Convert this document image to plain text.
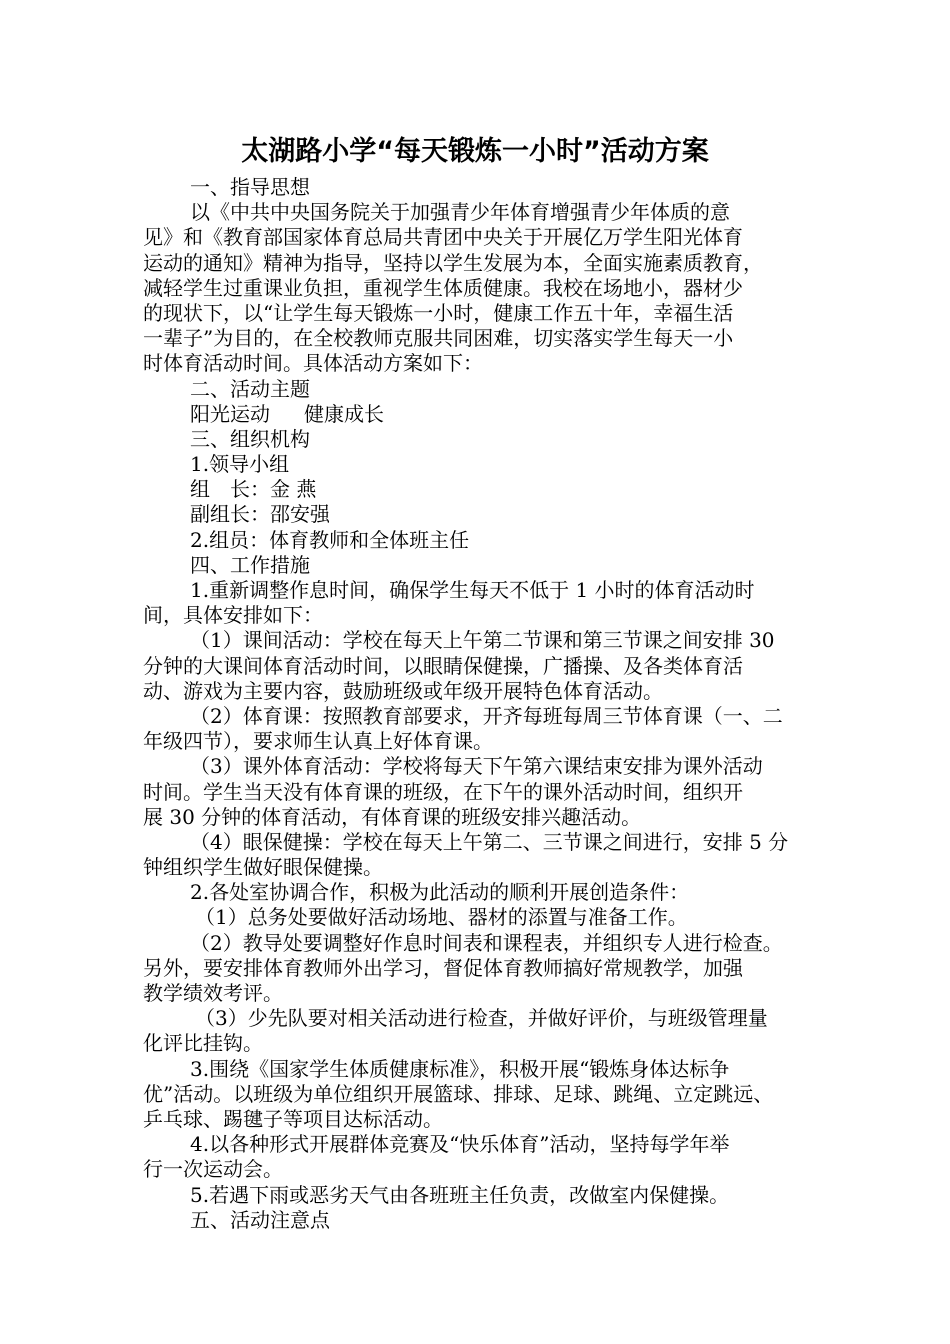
太湖路小学“每天锻炼一小时”活动方案
一、指导思想
以《中共中央国务院关于加强青少年体育增强青少年体质的意
见》和《教育部国家体育总局共青团中央关于开展亿万学生阳光体育
运动的通知》精神为指导，坚持以学生发展为本，全面实施素质教育，
减轻学生过重课业负担，重视学生体质健康。我校在场地小，器材少
的现状下，以“让学生每天锻炼一小时，健康工作五十年，幸福生活
一辈子”为目的，在全校教师克服共同困难，切实落实学生每天一小
时体育活动时间。具体活动方案如下：
二、活动主题
阳光运动 健康成长
三、组织机构
1.领导小组
组　长：金 燕
副组长：邵安强
2.组员：体育教师和全体班主任
四、工作措施
1.重新调整作息时间，确保学生每天不低于 1 小时的体育活动时
间，具体安排如下：
（1）课间活动：学校在每天上午第二节课和第三节课之间安排 30
分钟的大课间体育活动时间，以眼睛保健操，广播操、及各类体育活
动、游戏为主要内容，鼓励班级或年级开展特色体育活动。
（2）体育课：按照教育部要求，开齐每班每周三节体育课（一、二
年级四节），要求师生认真上好体育课。
（3）课外体育活动：学校将每天下午第六课结束安排为课外活动
时间。学生当天没有体育课的班级，在下午的课外活动时间，组织开
展 30 分钟的体育活动，有体育课的班级安排兴趣活动。
（4）眼保健操：学校在每天上午第二、三节课之间进行，安排 5 分
钟组织学生做好眼保健操。
2.各处室协调合作，积极为此活动的顺利开展创造条件：
（1）总务处要做好活动场地、器材的添置与准备工作。
（2）教导处要调整好作息时间表和课程表，并组织专人进行检查。
另外，要安排体育教师外出学习，督促体育教师搞好常规教学，加强
教学绩效考评。
（3）少先队要对相关活动进行检查，并做好评价，与班级管理量
化评比挂钩。
3.围绕《国家学生体质健康标准》，积极开展“锻炼身体达标争
优”活动。以班级为单位组织开展篮球、排球、足球、跳绳、立定跳远、
乒乓球、踢毽子等项目达标活动。
4.以各种形式开展群体竞赛及“快乐体育”活动，坚持每学年举
行一次运动会。
5.若遇下雨或恶劣天气由各班班主任负责，改做室内保健操。
五、活动注意点
